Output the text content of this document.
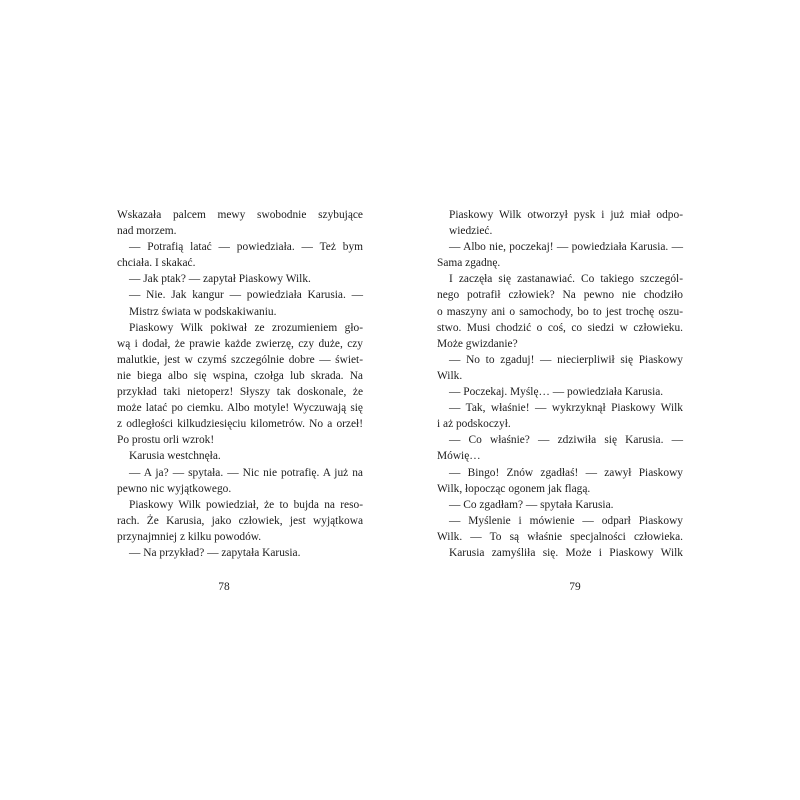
Wskazała palcem mewy swobodnie szybujące
nad morzem.
— Potrafią latać — powiedziała. — Też bym
chciała. I skakać.
— Jak ptak? — zapytał Piaskowy Wilk.
— Nie. Jak kangur — powiedziała Karusia. —
Mistrz świata w podskakiwaniu.
Piaskowy Wilk pokiwał ze zrozumieniem gło-
wą i dodał, że prawie każde zwierzę, czy duże, czy
malutkie, jest w czymś szczególnie dobre — świet-
nie biega albo się wspina, czołga lub skrada. Na
przykład taki nietoperz! Słyszy tak doskonale, że
może latać po ciemku. Albo motyle! Wyczuwają się
z odległości kilkudziesięciu kilometrów. No a orzeł!
Po prostu orli wzrok!
Karusia westchnęła.
— A ja? — spytała. — Nic nie potrafię. A już na
pewno nic wyjątkowego.
Piaskowy Wilk powiedział, że to bujda na reso-
rach. Że Karusia, jako człowiek, jest wyjątkowa
przynajmniej z kilku powodów.
— Na przykład? — zapytała Karusia.
Piaskowy Wilk otworzył pysk i już miał odpo-
wiedzieć.
— Albo nie, poczekaj! — powiedziała Karusia. —
Sama zgadnę.
I zaczęła się zastanawiać. Co takiego szczegól-
nego potrafił człowiek? Na pewno nie chodziło
o maszyny ani o samochody, bo to jest trochę oszu-
stwo. Musi chodzić o coś, co siedzi w człowieku.
Może gwizdanie?
— No to zgaduj! — niecierpliwił się Piaskowy
Wilk.
— Poczekaj. Myślę… — powiedziała Karusia.
— Tak, właśnie! — wykrzyknął Piaskowy Wilk
i aż podskoczył.
— Co właśnie? — zdziwiła się Karusia. —
Mówię…
— Bingo! Znów zgadłaś! — zawył Piaskowy
Wilk, łopocząc ogonem jak flagą.
— Co zgadłam? — spytała Karusia.
— Myślenie i mówienie — odparł Piaskowy
Wilk. — To są właśnie specjalności człowieka.
Karusia zamyśliła się. Może i Piaskowy Wilk
78	79
